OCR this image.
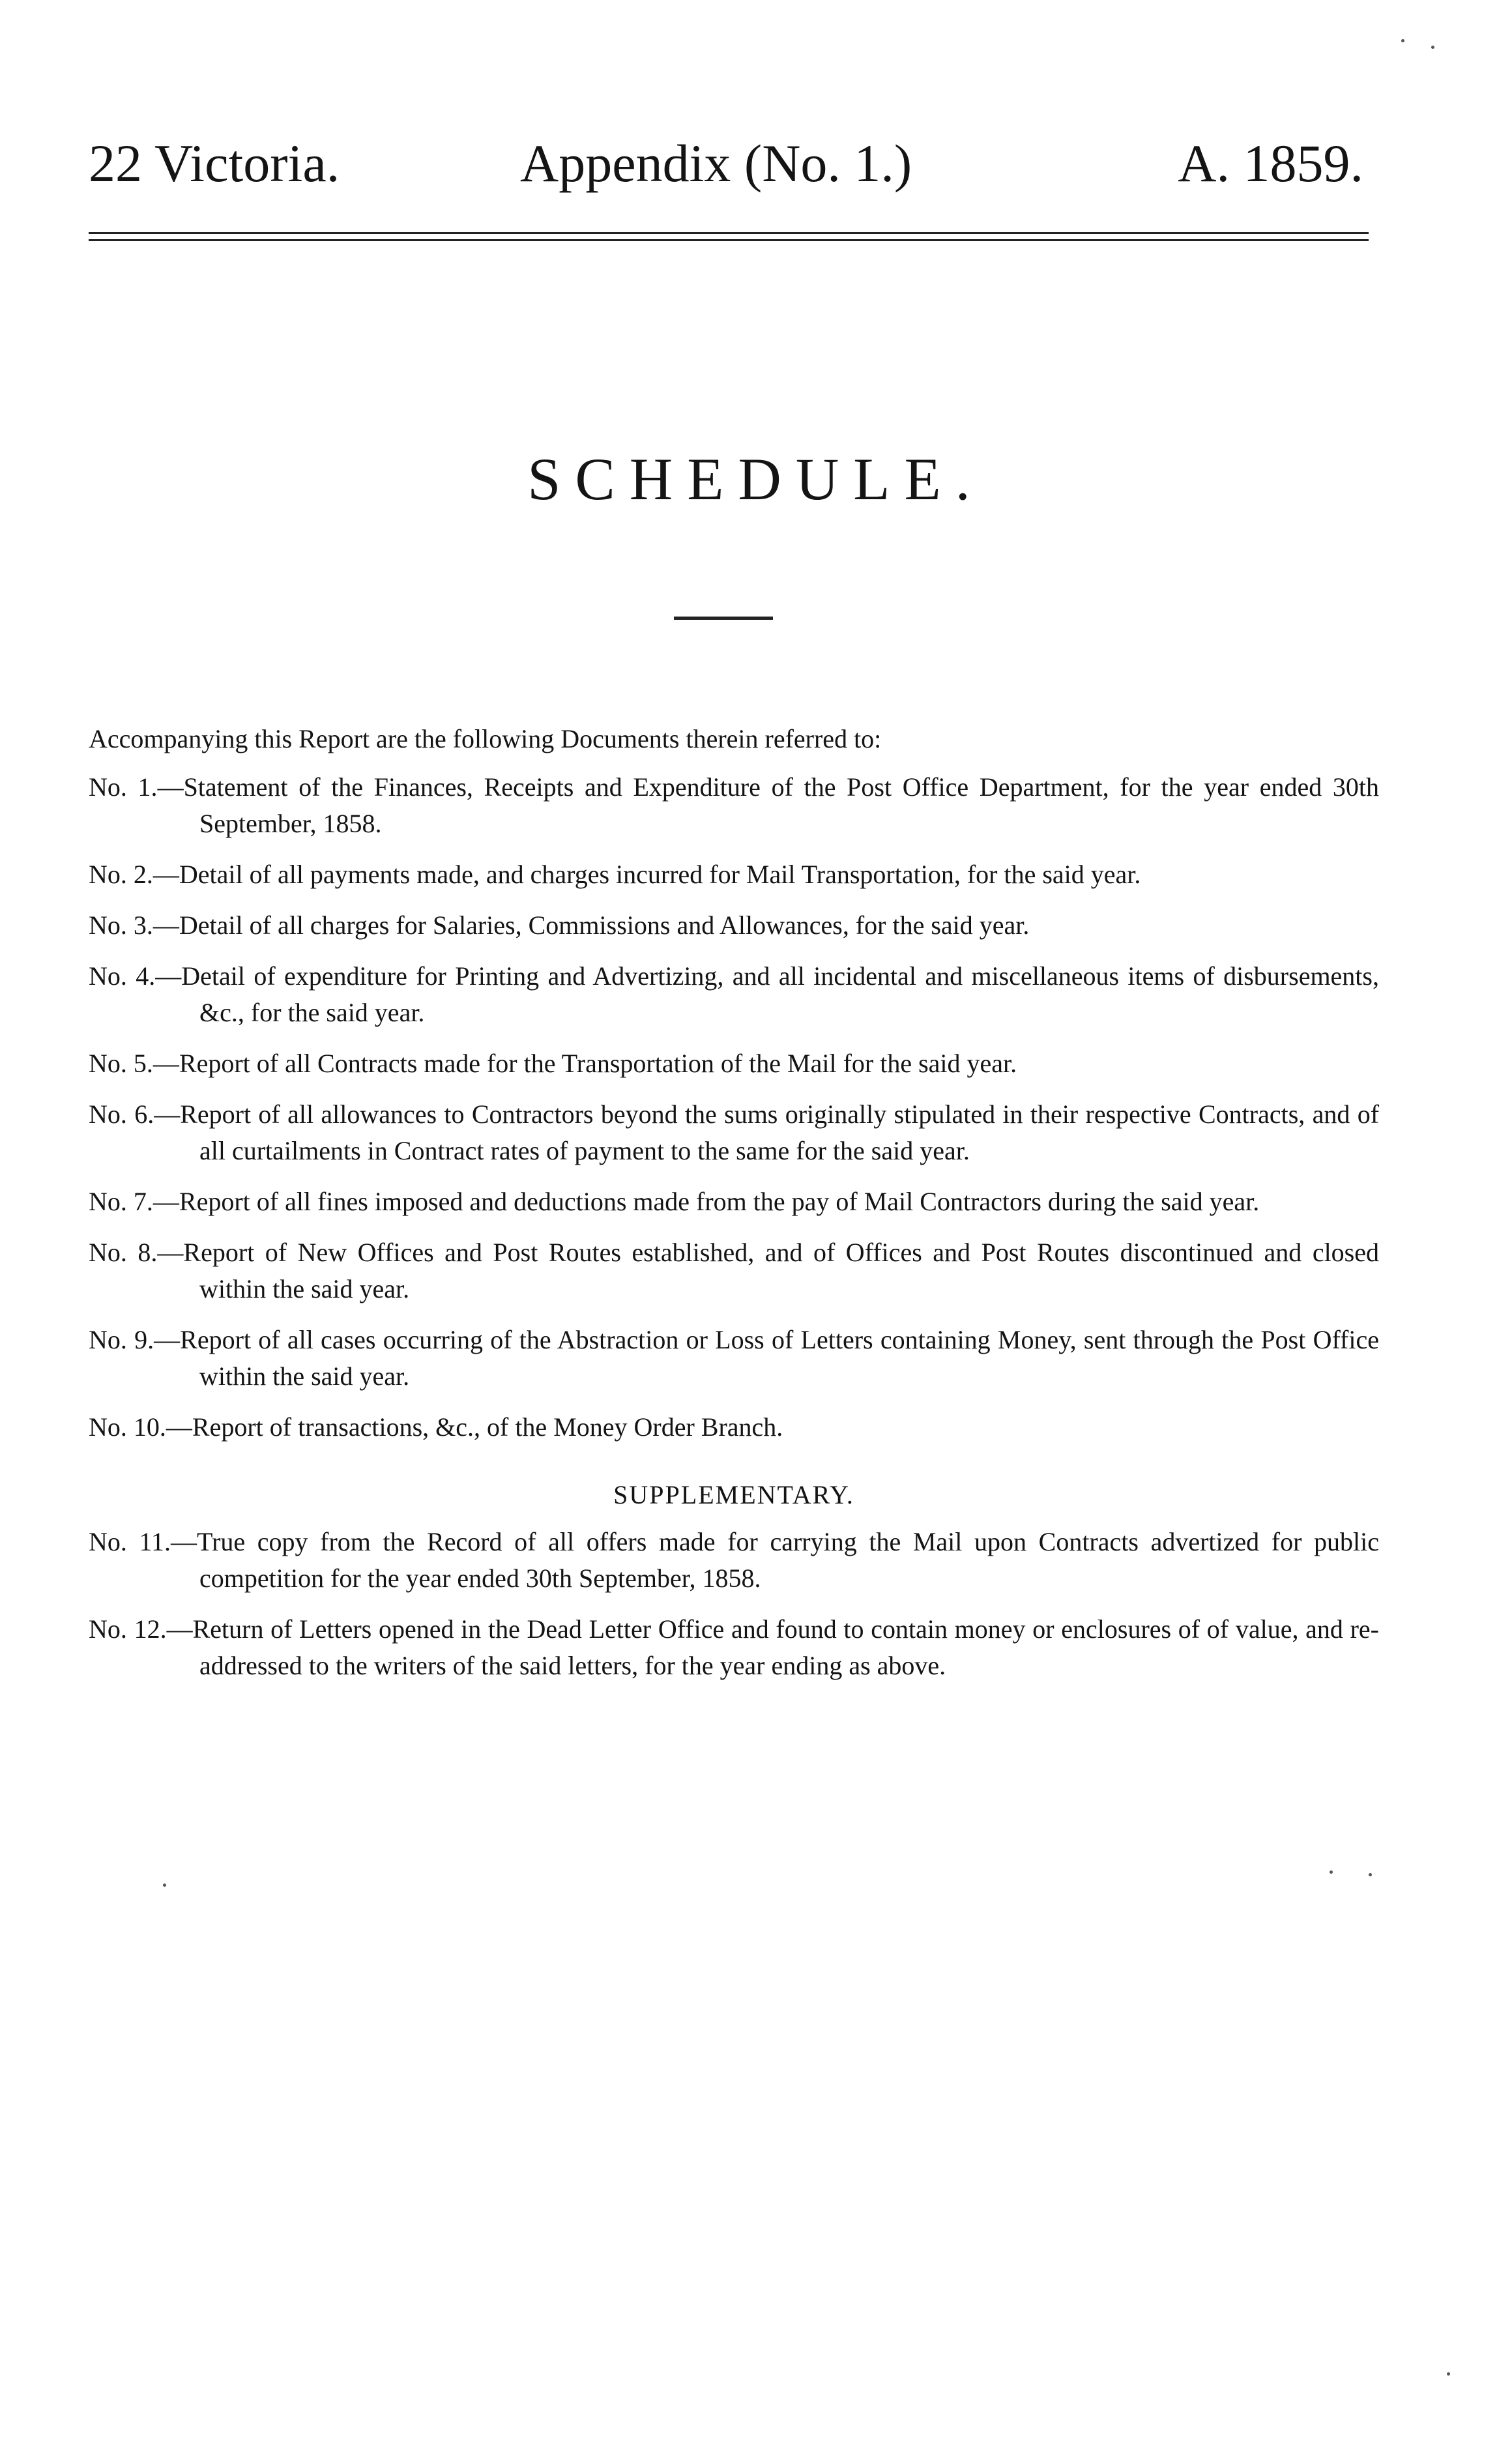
22 Victoria.	Appendix (No. 1.)	A. 1859.
SCHEDULE.
Accompanying this Report are the following Documents therein referred to:
No. 1.—Statement of the Finances, Receipts and Expenditure of the Post Office Department, for the year ended 30th September, 1858.
No. 2.—Detail of all payments made, and charges incurred for Mail Transportation, for the said year.
No. 3.—Detail of all charges for Salaries, Commissions and Allowances, for the said year.
No. 4.—Detail of expenditure for Printing and Advertizing, and all incidental and miscellaneous items of disbursements, &c., for the said year.
No. 5.—Report of all Contracts made for the Transportation of the Mail for the said year.
No. 6.—Report of all allowances to Contractors beyond the sums originally stipulated in their respective Contracts, and of all curtailments in Contract rates of payment to the same for the said year.
No. 7.—Report of all fines imposed and deductions made from the pay of Mail Contractors during the said year.
No. 8.—Report of New Offices and Post Routes established, and of Offices and Post Routes discontinued and closed within the said year.
No. 9.—Report of all cases occurring of the Abstraction or Loss of Letters containing Money, sent through the Post Office within the said year.
No. 10.—Report of transactions, &c., of the Money Order Branch.
SUPPLEMENTARY.
No. 11.—True copy from the Record of all offers made for carrying the Mail upon Contracts advertized for public competition for the year ended 30th September, 1858.
No. 12.—Return of Letters opened in the Dead Letter Office and found to contain money or enclosures of of value, and re-addressed to the writers of the said letters, for the year ending as above.
